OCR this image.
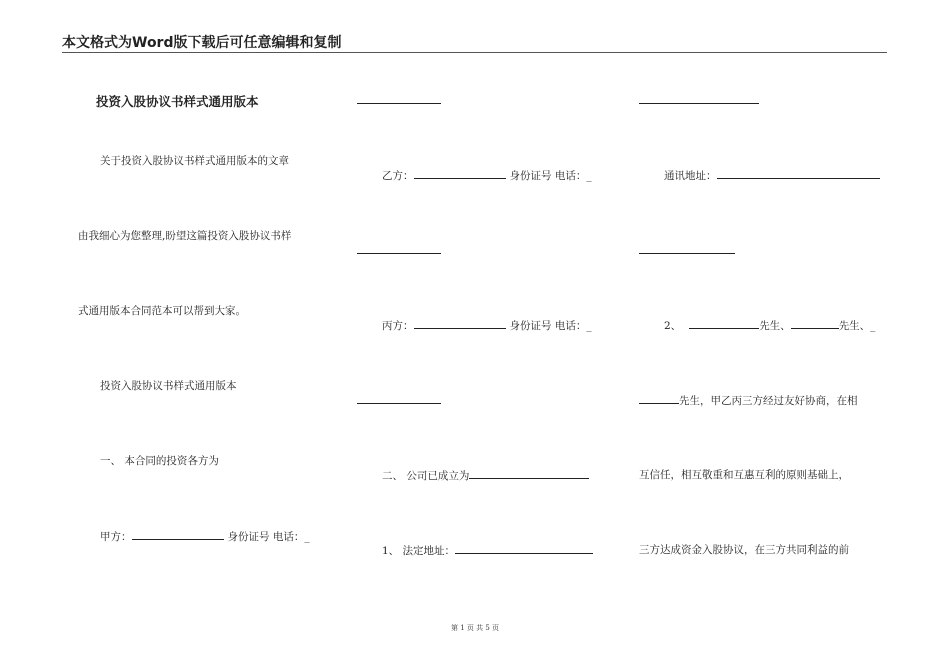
本文格式为Word版下载后可任意编辑和复制
投资入股协议书样式通用版本
关于投资入股协议书样式通用版本的文章
由我细心为您整理,盼望这篇投资入股协议书样
式通用版本合同范本可以帮到大家。
投资入股协议书样式通用版本
一、 本合同的投资各方为
甲方：	身份证号 电话：_
乙方：	身份证号 电话：_
丙方：	身份证号 电话：_
二、 公司已成立为
1、 法定地址：
通讯地址：
2、	先生、	先生、_
先生，甲乙丙三方经过友好协商，在相
互信任，相互敬重和互惠互利的原则基础上，
三方达成资金入股协议，在三方共同利益的前
第 1 页 共 5 页
